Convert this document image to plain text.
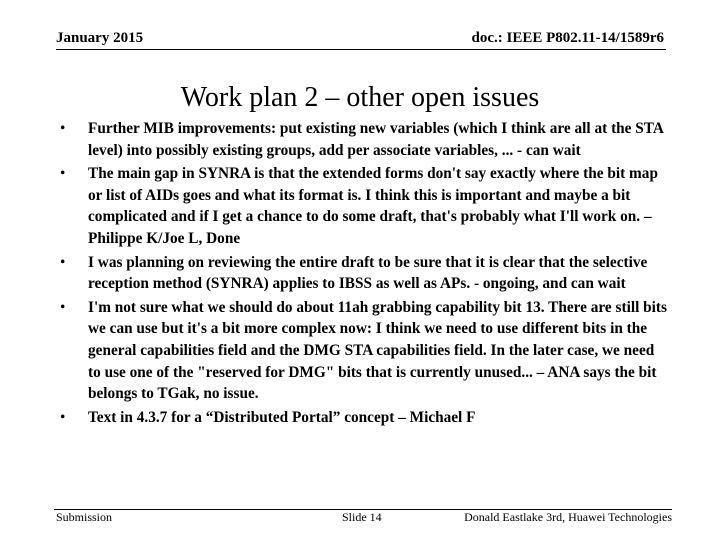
January 2015	doc.: IEEE P802.11-14/1589r6
Work plan 2 – other open issues
• Further MIB improvements: put existing new variables (which I think are all at the STA level) into possibly existing groups, add per associate variables, ... - can wait
• The main gap in SYNRA is that the extended forms don't say exactly where the bit map or list of AIDs goes and what its format is. I think this is important and maybe a bit complicated and if I get a chance to do some draft, that's probably what I'll work on. – Philippe K/Joe L, Done
• I was planning on reviewing the entire draft to be sure that it is clear that the selective reception method (SYNRA) applies to IBSS as well as APs. - ongoing, and can wait
• I'm not sure what we should do about 11ah grabbing capability bit 13. There are still bits we can use but it's a bit more complex now: I think we need to use different bits in the general capabilities field and the DMG STA capabilities field. In the later case, we need to use one of the "reserved for DMG" bits that is currently unused... – ANA says the bit belongs to TGak, no issue.
• Text in 4.3.7 for a “Distributed Portal” concept – Michael F
Submission	Slide 14	Donald Eastlake 3rd, Huawei Technologies
